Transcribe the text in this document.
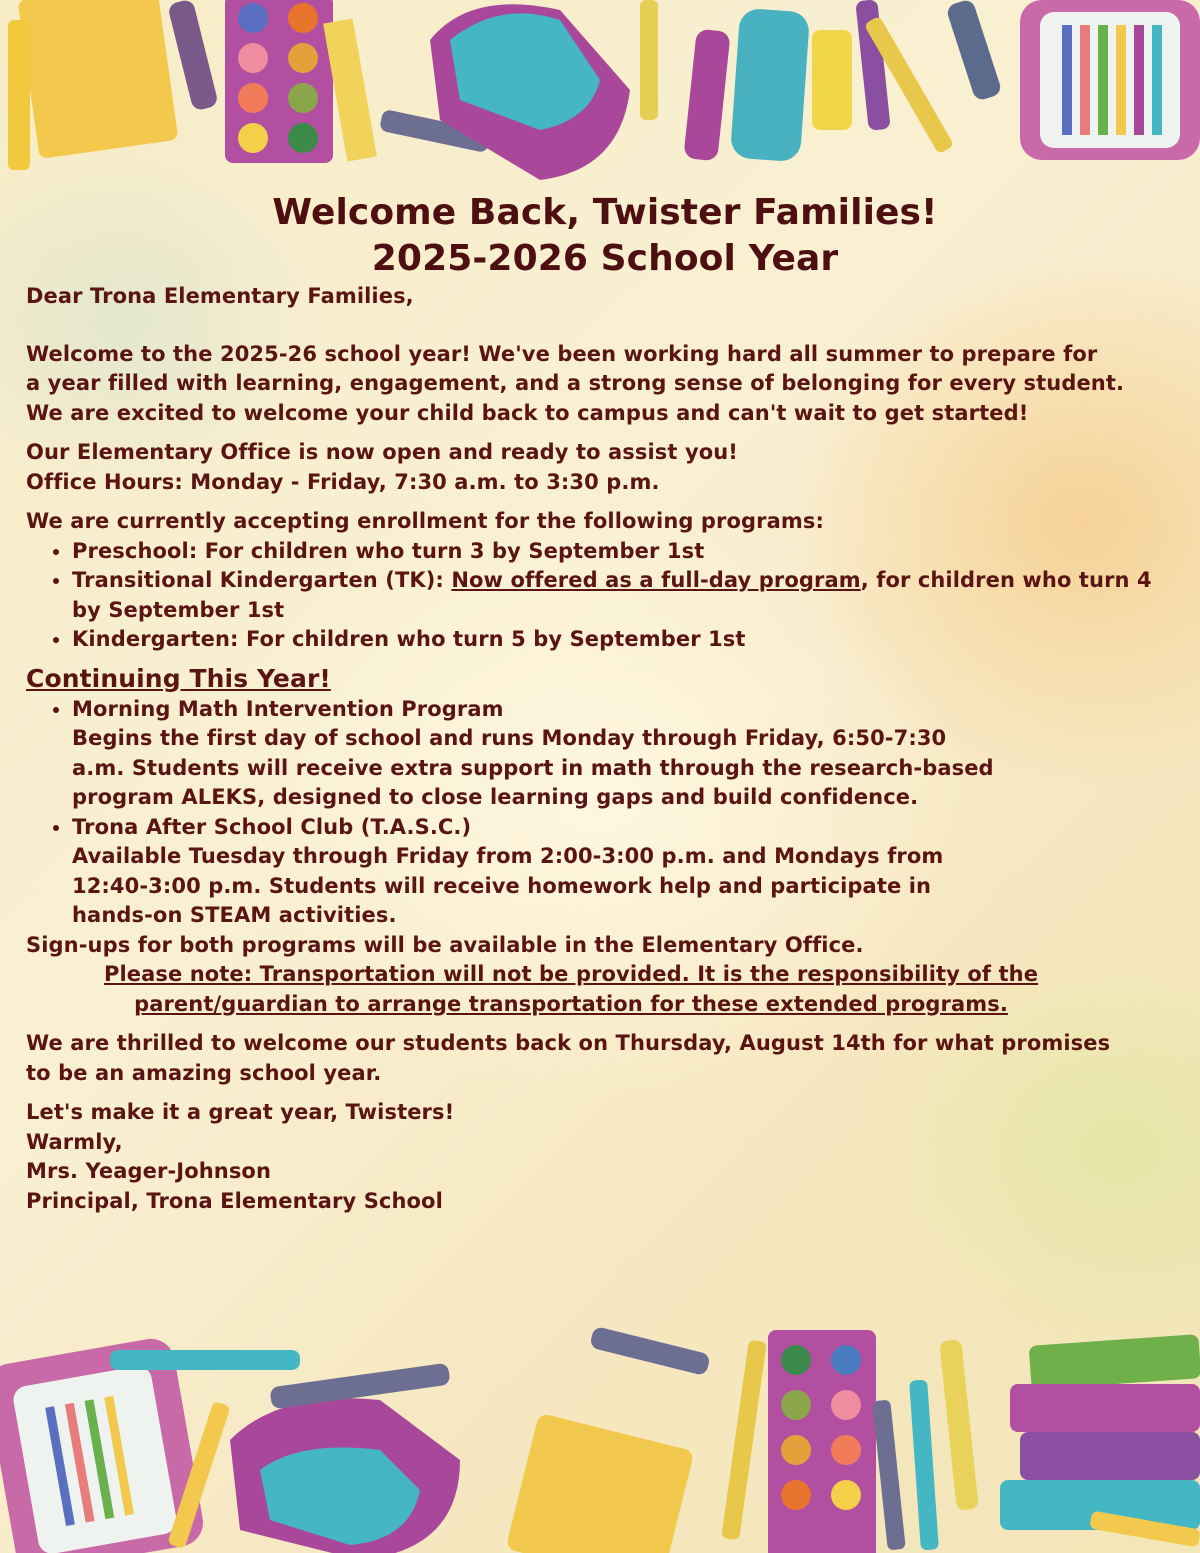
Welcome Back, Twister Families!
2025-2026 School Year

Dear Trona Elementary Families,

Welcome to the 2025-26 school year! We've been working hard all summer to prepare for
a year filled with learning, engagement, and a strong sense of belonging for every student.
We are excited to welcome your child back to campus and can't wait to get started!
Our Elementary Office is now open and ready to assist you!
Office Hours: Monday - Friday, 7:30 a.m. to 3:30 p.m.
We are currently accepting enrollment for the following programs:
• Preschool: For children who turn 3 by September 1st
• Transitional Kindergarten (TK): Now offered as a full-day program, for children who turn 4 by September 1st
• Kindergarten: For children who turn 5 by September 1st
Continuing This Year!
• Morning Math Intervention Program
Begins the first day of school and runs Monday through Friday, 6:50-7:30 a.m. Students will receive extra support in math through the research-based program ALEKS, designed to close learning gaps and build confidence.
• Trona After School Club (T.A.S.C.)
Available Tuesday through Friday from 2:00-3:00 p.m. and Mondays from 12:40-3:00 p.m. Students will receive homework help and participate in hands-on STEAM activities.
Sign-ups for both programs will be available in the Elementary Office.
Please note: Transportation will not be provided. It is the responsibility of the
parent/guardian to arrange transportation for these extended programs.
We are thrilled to welcome our students back on Thursday, August 14th for what promises
to be an amazing school year.
Let's make it a great year, Twisters!
Warmly,
Mrs. Yeager-Johnson
Principal, Trona Elementary School
